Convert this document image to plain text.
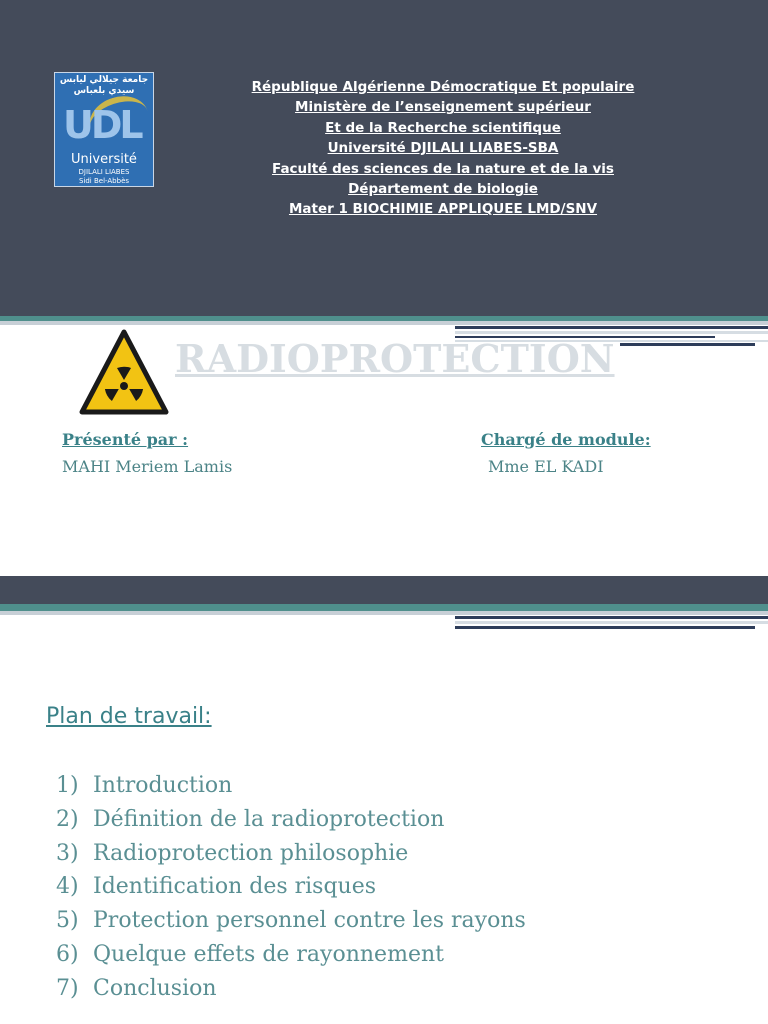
جامعة جيلالي ليابس
سيدي بلعباس
UDL
Université
DJILALI LIABES
Sidi Bel-Abbès
République Algérienne Démocratique Et populaire
Ministère de l’enseignement supérieur
Et de la Recherche scientifique
Université DJILALI LIABES-SBA
Faculté des sciences de la nature et de la vis
Département de biologie
Mater 1 BIOCHIMIE APPLIQUEE LMD/SNV
RADIOPROTECTION
Présenté par :
MAHI Meriem Lamis
Chargé de module:
Mme EL KADI
Plan de travail:
1) Introduction
2) Définition de la radioprotection
3) Radioprotection philosophie
4) Identification des risques
5) Protection personnel contre les rayons
6) Quelque effets de rayonnement
7) Conclusion
